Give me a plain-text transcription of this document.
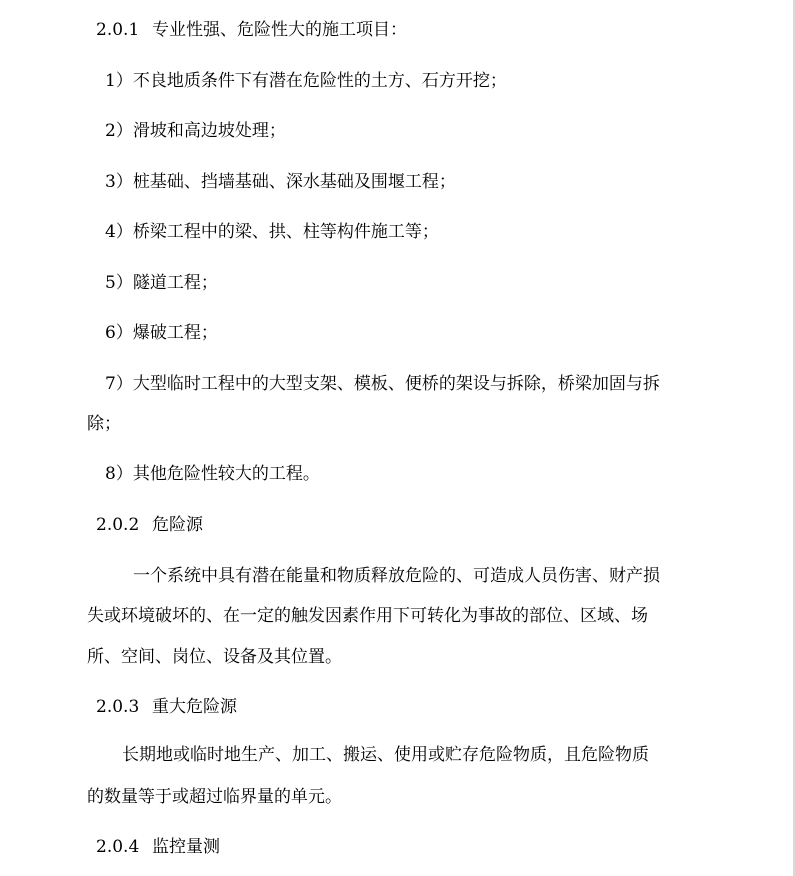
2.0.1 专业性强、危险性大的施工项目：
1）不良地质条件下有潜在危险性的土方、石方开挖；
2）滑坡和高边坡处理；
3）桩基础、挡墙基础、深水基础及围堰工程；
4）桥梁工程中的梁、拱、柱等构件施工等；
5）隧道工程；
6）爆破工程；
7）大型临时工程中的大型支架、模板、便桥的架设与拆除，桥梁加固与拆
除；
8）其他危险性较大的工程。
2.0.2 危险源
一个系统中具有潜在能量和物质释放危险的、可造成人员伤害、财产损
失或环境破坏的、在一定的触发因素作用下可转化为事故的部位、区域、场
所、空间、岗位、设备及其位置。
2.0.3 重大危险源
长期地或临时地生产、加工、搬运、使用或贮存危险物质，且危险物质
的数量等于或超过临界量的单元。
2.0.4 监控量测
